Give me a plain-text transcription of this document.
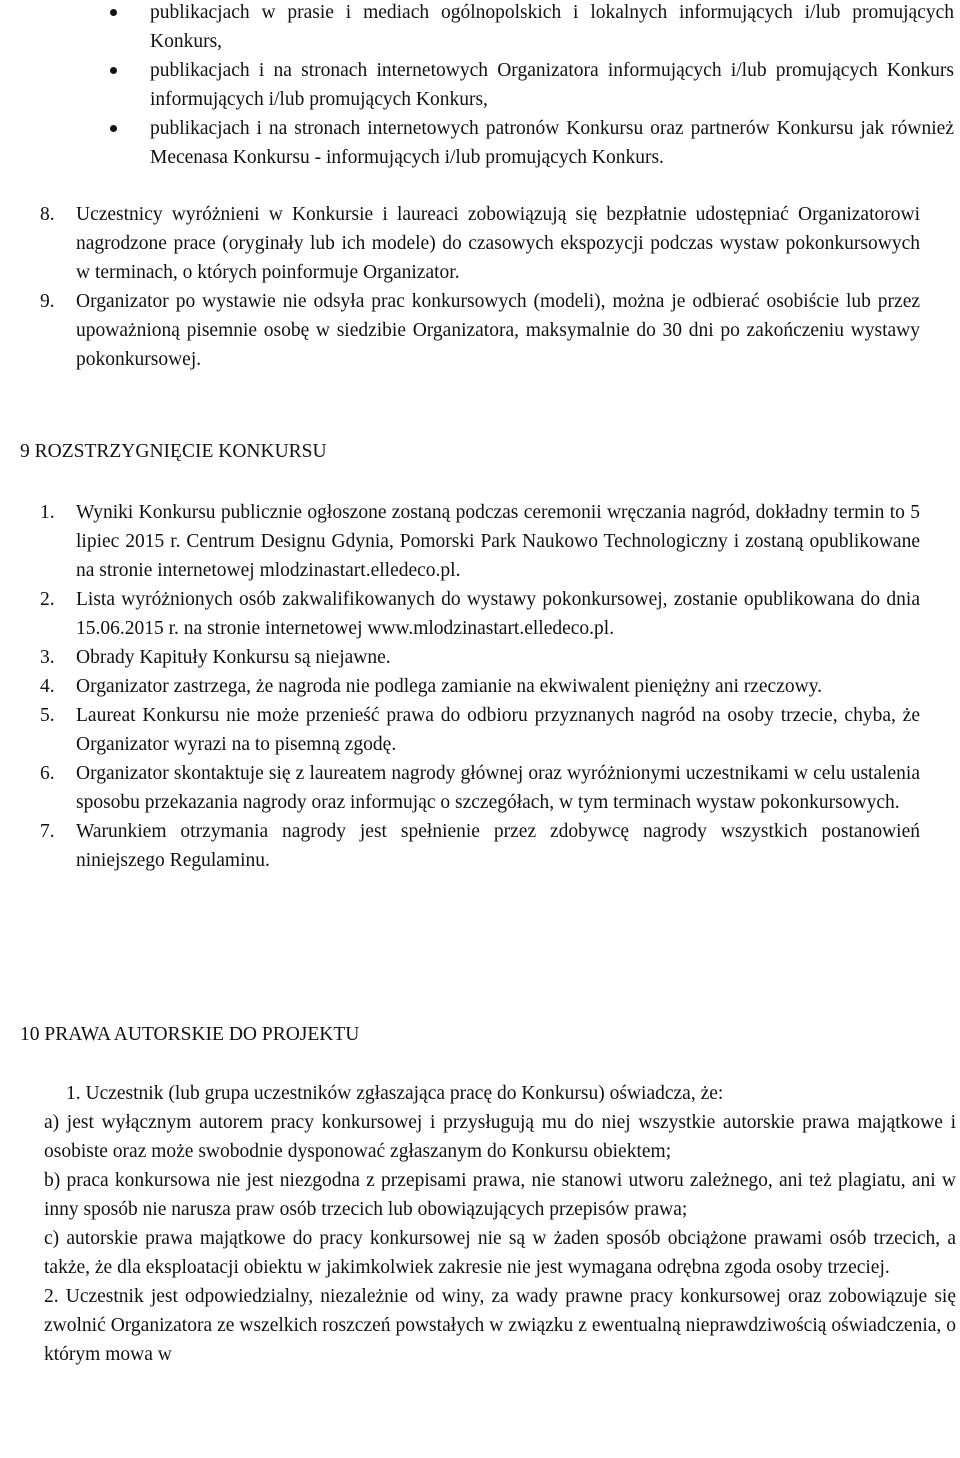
publikacjach w prasie i mediach ogólnopolskich i lokalnych informujących i/lub promujących Konkurs,

publikacjach i na stronach internetowych Organizatora informujących i/lub promujących Konkurs informujących i/lub promujących Konkurs,

publikacjach i na stronach internetowych patronów Konkursu oraz partnerów Konkursu jak również Mecenasa Konkursu - informujących i/lub promujących Konkurs.

8. Uczestnicy wyróżnieni w Konkursie i laureaci zobowiązują się bezpłatnie udostępniać Organizatorowi nagrodzone prace (oryginały lub ich modele) do czasowych ekspozycji podczas wystaw pokonkursowych w terminach, o których poinformuje Organizator.
9. Organizator po wystawie nie odsyła prac konkursowych (modeli), można je odbierać osobiście lub przez upoważnioną pisemnie osobę w siedzibie Organizatora, maksymalnie do 30 dni po zakończeniu wystawy pokonkursowej.
9 ROZSTRZYGNIĘCIE KONKURSU
1. Wyniki Konkursu publicznie ogłoszone zostaną podczas ceremonii wręczania nagród, dokładny termin to 5 lipiec 2015 r. Centrum Designu Gdynia, Pomorski Park Naukowo Technologiczny i zostaną opublikowane na stronie internetowej mlodzinastart.elledeco.pl.
2. Lista wyróżnionych osób zakwalifikowanych do wystawy pokonkursowej, zostanie opublikowana do dnia 15.06.2015 r. na stronie internetowej www.mlodzinastart.elledeco.pl.
3. Obrady Kapituły Konkursu są niejawne.
4. Organizator zastrzega, że nagroda nie podlega zamianie na ekwiwalent pieniężny ani rzeczowy.
5. Laureat Konkursu nie może przenieść prawa do odbioru przyznanych nagród na osoby trzecie, chyba, że Organizator wyrazi na to pisemną zgodę.
6. Organizator skontaktuje się z laureatem nagrody głównej oraz wyróżnionymi uczestnikami w celu ustalenia sposobu przekazania nagrody oraz informując o szczegółach, w tym terminach wystaw pokonkursowych.
7. Warunkiem otrzymania nagrody jest spełnienie przez zdobywcę nagrody wszystkich postanowień niniejszego Regulaminu.
10 PRAWA AUTORSKIE DO PROJEKTU

1. Uczestnik (lub grupa uczestników zgłaszająca pracę do Konkursu) oświadcza, że:

a) jest wyłącznym autorem pracy konkursowej i przysługują mu do niej wszystkie autorskie prawa majątkowe i osobiste oraz może swobodnie dysponować zgłaszanym do Konkursu obiektem;

b) praca konkursowa nie jest niezgodna z przepisami prawa, nie stanowi utworu zależnego, ani też plagiatu, ani w inny sposób nie narusza praw osób trzecich lub obowiązujących przepisów prawa;

c) autorskie prawa majątkowe do pracy konkursowej nie są w żaden sposób obciążone prawami osób trzecich, a także, że dla eksploatacji obiektu w jakimkolwiek zakresie nie jest wymagana odrębna zgoda osoby trzeciej.

2. Uczestnik jest odpowiedzialny, niezależnie od winy, za wady prawne pracy konkursowej oraz zobowiązuje się zwolnić Organizatora ze wszelkich roszczeń powstałych w związku z ewentualną nieprawdziwością oświadczenia, o którym mowa w
